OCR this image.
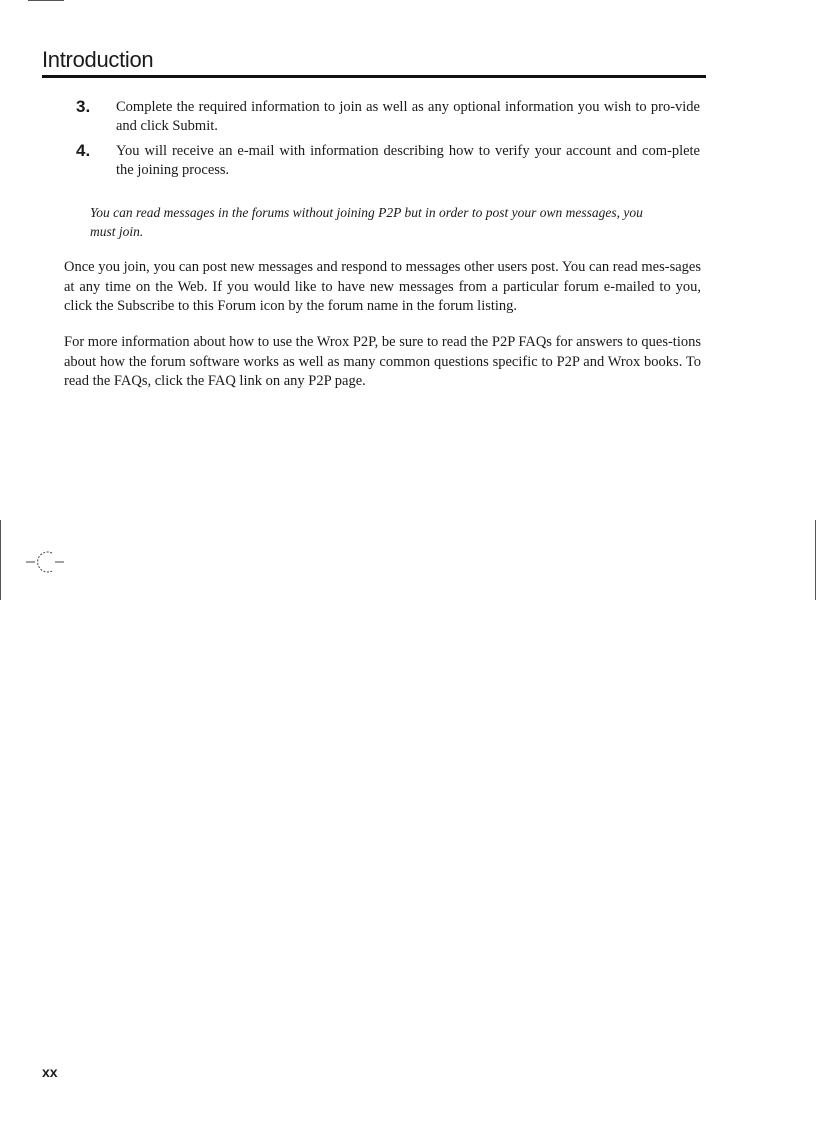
Introduction
3.	Complete the required information to join as well as any optional information you wish to pro-vide and click Submit.
4.	You will receive an e-mail with information describing how to verify your account and com-plete the joining process.
You can read messages in the forums without joining P2P but in order to post your own messages, you must join.

Once you join, you can post new messages and respond to messages other users post. You can read mes-sages at any time on the Web. If you would like to have new messages from a particular forum e-mailed to you, click the Subscribe to this Forum icon by the forum name in the forum listing.

For more information about how to use the Wrox P2P, be sure to read the P2P FAQs for answers to ques-tions about how the forum software works as well as many common questions specific to P2P and Wrox books. To read the FAQs, click the FAQ link on any P2P page.

xx
